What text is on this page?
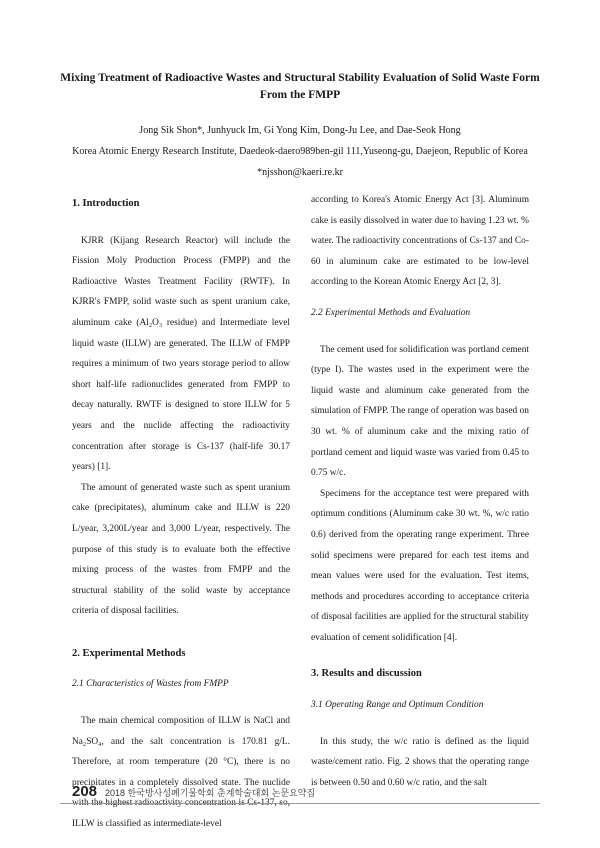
Mixing Treatment of Radioactive Wastes and Structural Stability Evaluation of Solid Waste Form From the FMPP
Jong Sik Shon*, Junhyuck Im, Gi Yong Kim, Dong-Ju Lee, and Dae-Seok Hong
Korea Atomic Energy Research Institute, Daedeok-daero989ben-gil 111,Yuseong-gu, Daejeon, Republic of Korea
*njsshon@kaeri.re.kr

1. Introduction

KJRR (Kijang Research Reactor) will include the Fission Moly Production Process (FMPP) and the Radioactive Wastes Treatment Facility (RWTF). In KJRR's FMPP, solid waste such as spent uranium cake, aluminum cake (Al₂O₃ residue) and Intermediate level liquid waste (ILLW) are generated. The ILLW of FMPP requires a minimum of two years storage period to allow short half-life radionuclides generated from FMPP to decay naturally. RWTF is designed to store ILLW for 5 years and the nuclide affecting the radioactivity concentration after storage is Cs-137 (half-life 30.17 years) [1].

The amount of generated waste such as spent uranium cake (precipitates), aluminum cake and ILLW is 220 L/year, 3,200L/year and 3,000 L/year, respectively. The purpose of this study is to evaluate both the effective mixing process of the wastes from FMPP and the structural stability of the solid waste by acceptance criteria of disposal facilities.

2. Experimental Methods

2.1 Characteristics of Wastes from FMPP

The main chemical composition of ILLW is NaCl and Na₂SO₄, and the salt concentration is 170.81 g/L. Therefore, at room temperature (20 °C), there is no precipitates in a completely dissolved state. The nuclide with the highest radioactivity concentration is Cs-137, so, ILLW is classified as intermediate-level

according to Korea's Atomic Energy Act [3]. Aluminum cake is easily dissolved in water due to having 1.23 wt. % water. The radioactivity concentrations of Cs-137 and Co-60 in aluminum cake are estimated to be low-level according to the Korean Atomic Energy Act [2, 3].

2.2 Experimental Methods and Evaluation

The cement used for solidification was portland cement (type I). The wastes used in the experiment were the liquid waste and aluminum cake generated from the simulation of FMPP. The range of operation was based on 30 wt. % of aluminum cake and the mixing ratio of portland cement and liquid waste was varied from 0.45 to 0.75 w/c.

Specimens for the acceptance test were prepared with optimum conditions (Aluminum cake 30 wt. %, w/c ratio 0.6) derived from the operating range experiment. Three solid specimens were prepared for each test items and mean values were used for the evaluation. Test items, methods and procedures according to acceptance criteria of disposal facilities are applied for the structural stability evaluation of cement solidification [4].

3. Results and discussion

3.1 Operating Range and Optimum Condition

In this study, the w/c ratio is defined as the liquid waste/cement ratio. Fig. 2 shows that the operating range is between 0.50 and 0.60 w/c ratio, and the salt

208 2018 한국방사성폐기물학회 춘계학술대회 논문요약집
